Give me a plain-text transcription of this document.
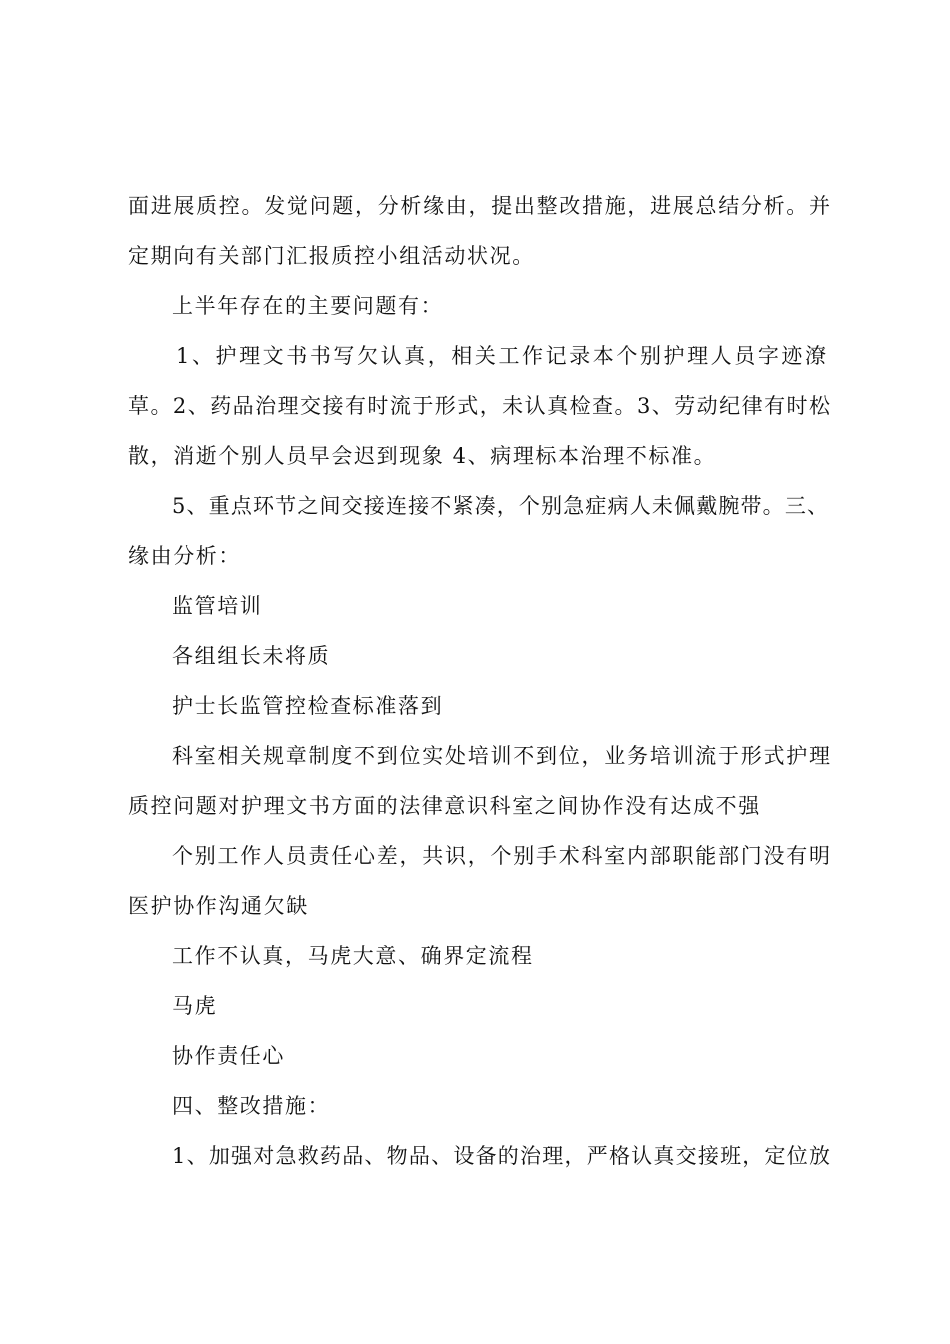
面进展质控。发觉问题，分析缘由，提出整改措施，进展总结分析。并
定期向有关部门汇报质控小组活动状况。
上半年存在的主要问题有：
1、护理文书书写欠认真，相关工作记录本个别护理人员字迹潦
草。2、药品治理交接有时流于形式，未认真检查。3、劳动纪律有时松
散，消逝个别人员早会迟到现象 4、病理标本治理不标准。
5、重点环节之间交接连接不紧凑，个别急症病人未佩戴腕带。三、
缘由分析：
监管培训
各组组长未将质
护士长监管控检查标准落到
科室相关规章制度不到位实处培训不到位，业务培训流于形式护理
质控问题对护理文书方面的法律意识科室之间协作没有达成不强
个别工作人员责任心差，共识，个别手术科室内部职能部门没有明
医护协作沟通欠缺
工作不认真，马虎大意、确界定流程
马虎
协作责任心
四、整改措施：
1、加强对急救药品、物品、设备的治理，严格认真交接班，定位放
